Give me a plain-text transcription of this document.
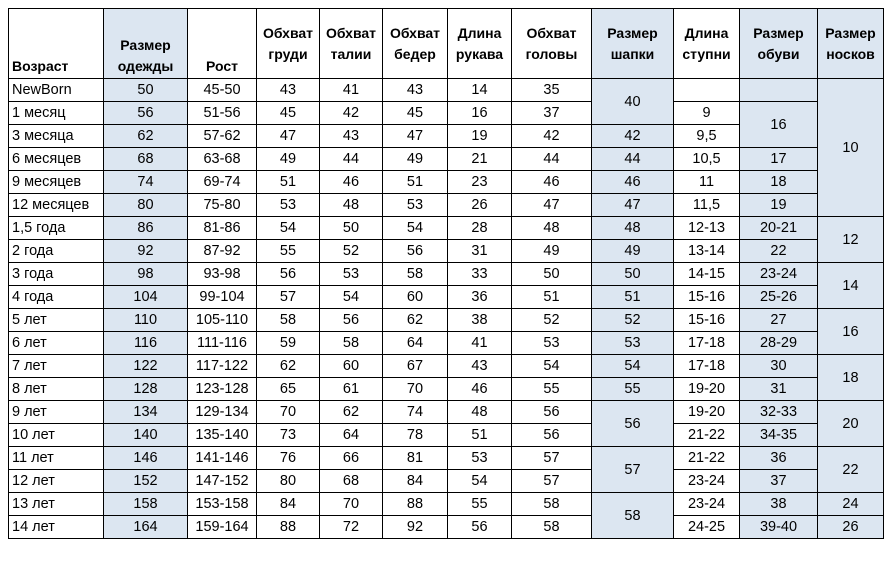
Возраст	Размер одежды	Рост	Обхват груди	Обхват талии	Обхват бедер	Длина рукава	Обхват головы	Размер шапки	Длина ступни	Размер обуви	Размер носков
NewBorn	50	45-50	43	41	43	14	35	40			10
1 месяц	56	51-56	45	42	45	16	37		9	16	
3 месяца	62	57-62	47	43	47	19	42	42	9,5		
6 месяцев	68	63-68	49	44	49	21	44	44	10,5	17	
9 месяцев	74	69-74	51	46	51	23	46	46	11	18	
12 месяцев	80	75-80	53	48	53	26	47	47	11,5	19	
1,5 года	86	81-86	54	50	54	28	48	48	12-13	20-21	12
2 года	92	87-92	55	52	56	31	49	49	13-14	22	
3 года	98	93-98	56	53	58	33	50	50	14-15	23-24	14
4 года	104	99-104	57	54	60	36	51	51	15-16	25-26	
5 лет	110	105-110	58	56	62	38	52	52	15-16	27	16
6 лет	116	111-116	59	58	64	41	53	53	17-18	28-29	
7 лет	122	117-122	62	60	67	43	54	54	17-18	30	18
8 лет	128	123-128	65	61	70	46	55	55	19-20	31	
9 лет	134	129-134	70	62	74	48	56	56	19-20	32-33	20
10 лет	140	135-140	73	64	78	51	56		21-22	34-35	
11 лет	146	141-146	76	66	81	53	57	57	21-22	36	22
12 лет	152	147-152	80	68	84	54	57		23-24	37	
13 лет	158	153-158	84	70	88	55	58	58	23-24	38	24
14 лет	164	159-164	88	72	92	56	58		24-25	39-40	26
